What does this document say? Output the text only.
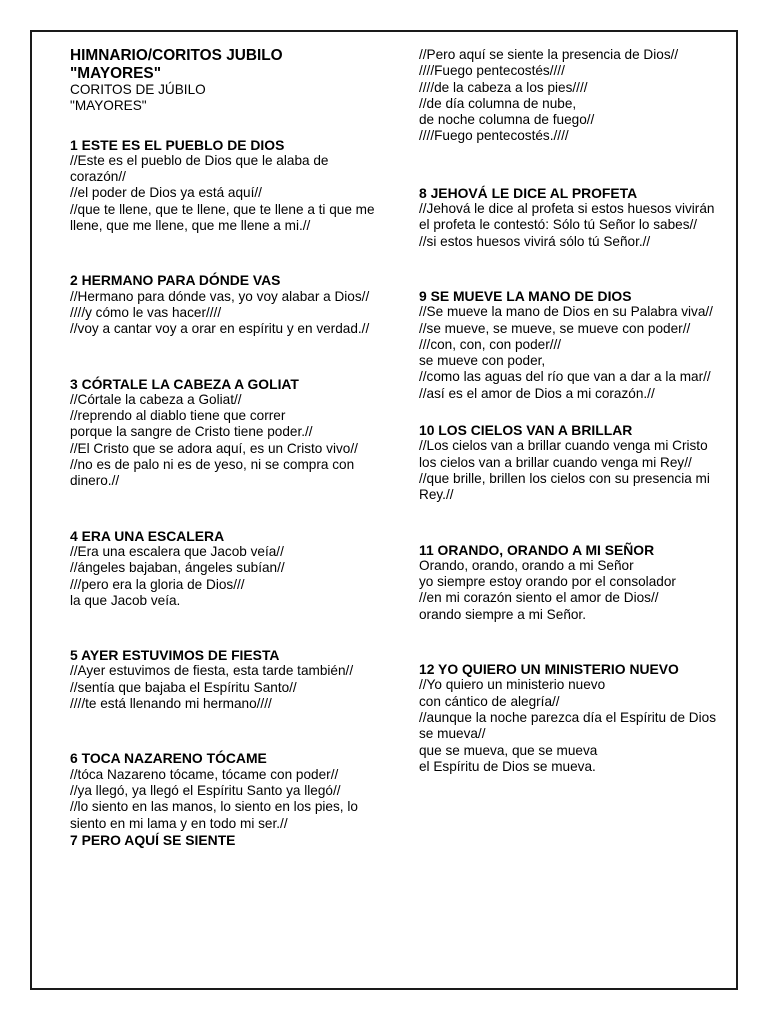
HIMNARIO/CORITOS JUBILO
"MAYORES"
CORITOS DE JÚBILO
"MAYORES"
1 ESTE ES EL PUEBLO DE DIOS
//Este es el pueblo de Dios que le alaba de corazón//
//el poder de Dios ya está aquí//
//que te llene, que te llene, que te llene a ti que me llene, que me llene, que me llene a mi.//
2 HERMANO PARA DÓNDE VAS
//Hermano para dónde vas, yo voy alabar a Dios//
////y cómo le vas hacer////
//voy a cantar voy a orar en espíritu y en verdad.//
3 CÓRTALE LA CABEZA A GOLIAT
//Córtale la cabeza a Goliat//
//reprendo al diablo tiene que correr
porque la sangre de Cristo tiene poder.//
//El Cristo que se adora aquí, es un Cristo vivo//
//no es de palo ni es de yeso, ni se compra con dinero.//
4 ERA UNA ESCALERA
//Era una escalera que Jacob veía//
//ángeles bajaban, ángeles subían//
///pero era la gloria de Dios///
la que Jacob veía.
5 AYER ESTUVIMOS DE FIESTA
//Ayer estuvimos de fiesta, esta tarde también//
//sentía que bajaba el Espíritu Santo//
////te está llenando mi hermano////
6 TOCA NAZARENO TÓCAME
//tóca Nazareno tócame, tócame con poder//
//ya llegó, ya llegó el Espíritu Santo ya llegó//
//lo siento en las manos, lo siento en los pies, lo siento en mi lama y en todo mi ser.//
7 PERO AQUÍ SE SIENTE
//Pero aquí se siente la presencia de Dios//
////Fuego pentecostés////
////de la cabeza a los pies////
//de día columna de nube,
de noche columna de fuego//
////Fuego pentecostés.////
8 JEHOVÁ LE DICE AL PROFETA
//Jehová le dice al profeta si estos huesos vivirán
el profeta le contestó: Sólo tú Señor lo sabes//
//si estos huesos vivirá sólo tú Señor.//
9 SE MUEVE LA MANO DE DIOS
//Se mueve la mano de Dios en su Palabra viva//
//se mueve, se mueve, se mueve con poder//
///con, con, con poder///
se mueve con poder,
//como las aguas del río que van a dar a la mar//
//así es el amor de Dios a mi corazón.//
10 LOS CIELOS VAN A BRILLAR
//Los cielos van a brillar cuando venga mi Cristo
los cielos van a brillar cuando venga mi Rey//
//que brille, brillen los cielos con su presencia mi Rey.//
11 ORANDO, ORANDO A MI SEÑOR
Orando, orando, orando a mi Señor
yo siempre estoy orando por el consolador
//en mi corazón siento el amor de Dios//
orando siempre a mi Señor.
12 YO QUIERO UN MINISTERIO NUEVO
//Yo quiero un ministerio nuevo
con cántico de alegría//
//aunque la noche parezca día el Espíritu de Dios se mueva//
que se mueva, que se mueva
el Espíritu de Dios se mueva.
